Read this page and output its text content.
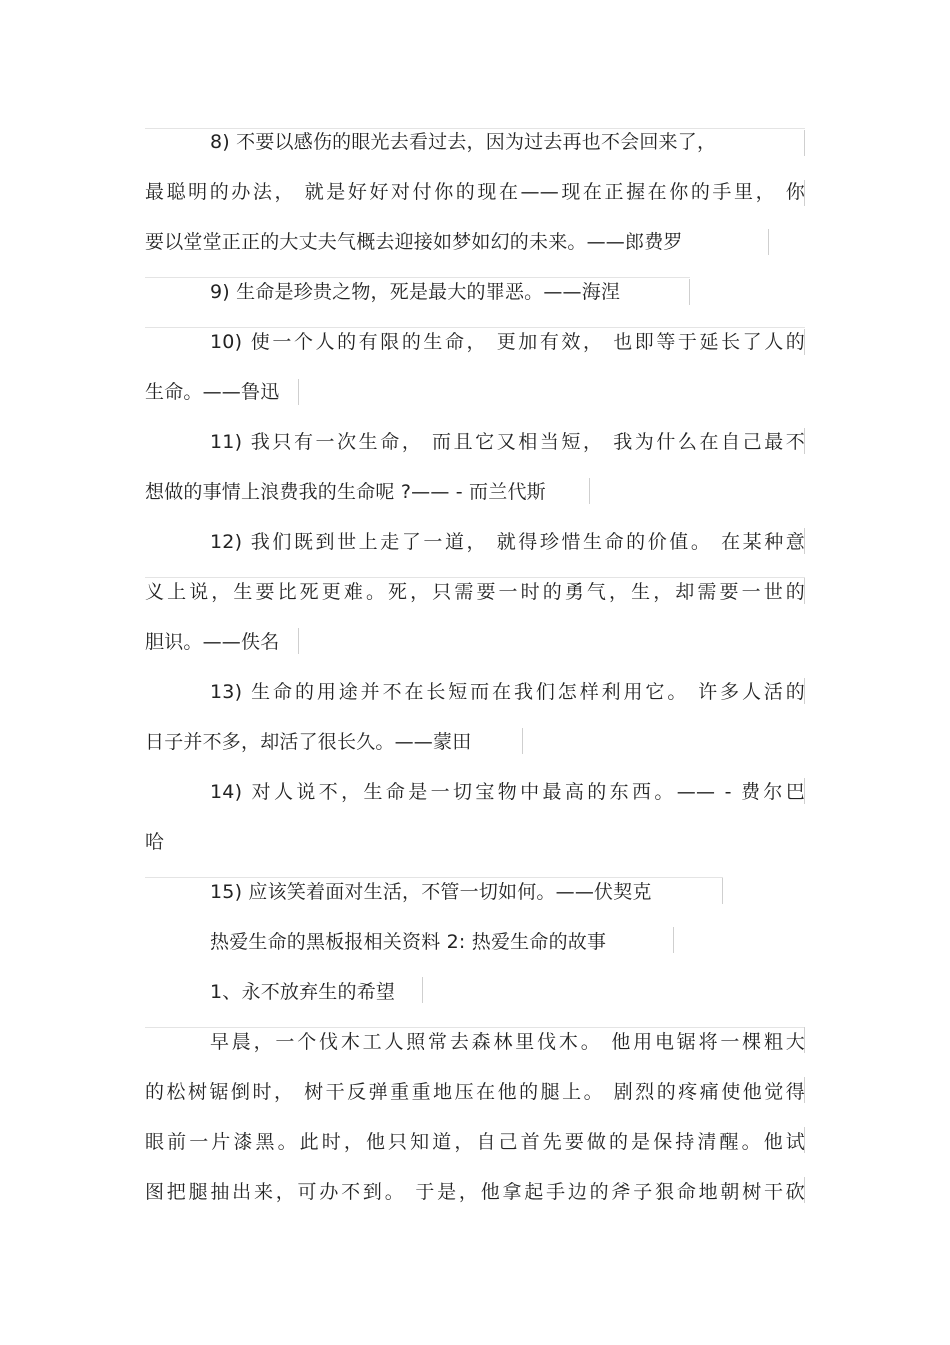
8) 不要以感伤的眼光去看过去，因为过去再也不会回来了，
最聪明的办法， 就是好好对付你的现在——现在正握在你的手里， 你
要以堂堂正正的大丈夫气概去迎接如梦如幻的未来。——郎费罗
9) 生命是珍贵之物，死是最大的罪恶。——海涅
10) 使一个人的有限的生命， 更加有效， 也即等于延长了人的
生命。——鲁迅
11) 我只有一次生命， 而且它又相当短， 我为什么在自己最不
想做的事情上浪费我的生命呢 ?—— - 而兰代斯
12) 我们既到世上走了一道， 就得珍惜生命的价值。 在某种意
义上说，生要比死更难。死，只需要一时的勇气，生，却需要一世的
胆识。——佚名
13) 生命的用途并不在长短而在我们怎样利用它。 许多人活的
日子并不多，却活了很长久。——蒙田
14) 对人说不，生命是一切宝物中最高的东西。—— - 费尔巴
哈
15) 应该笑着面对生活，不管一切如何。——伏契克
热爱生命的黑板报相关资料 2: 热爱生命的故事
1、永不放弃生的希望
早晨，一个伐木工人照常去森林里伐木。 他用电锯将一棵粗大
的松树锯倒时， 树干反弹重重地压在他的腿上。 剧烈的疼痛使他觉得
眼前一片漆黑。此时，他只知道，自己首先要做的是保持清醒。他试
图把腿抽出来，可办不到。 于是，他拿起手边的斧子狠命地朝树干砍
